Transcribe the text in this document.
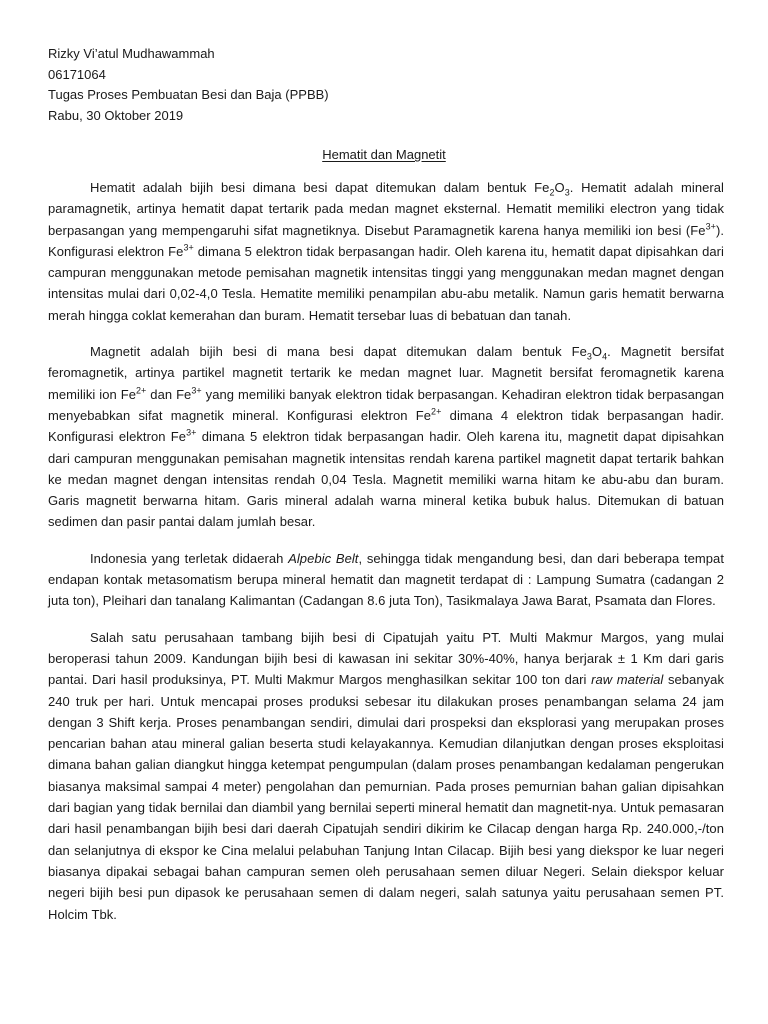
Rizky Vi’atul Mudhawammah
06171064
Tugas Proses Pembuatan Besi dan Baja (PPBB)
Rabu, 30 Oktober 2019
Hematit dan Magnetit

Hematit adalah bijih besi dimana besi dapat ditemukan dalam bentuk $Fe_2O_3$. Hematit adalah mineral paramagnetik, artinya hematit dapat tertarik pada medan magnet eksternal. Hematit memiliki electron yang tidak berpasangan yang mempengaruhi sifat magnetiknya. Disebut Paramagnetik karena hanya memiliki ion besi $(Fe^{3+})$. Konfigurasi elektron $Fe^{3+}$ dimana 5 elektron tidak berpasangan hadir. Oleh karena itu, hematit dapat dipisahkan dari campuran menggunakan metode pemisahan magnetik intensitas tinggi yang menggunakan medan magnet dengan intensitas mulai dari 0,02-4,0 Tesla. Hematite memiliki penampilan abu-abu metalik. Namun garis hematit berwarna merah hingga coklat kemerahan dan buram. Hematit tersebar luas di bebatuan dan tanah.

Magnetit adalah bijih besi di mana besi dapat ditemukan dalam bentuk $Fe_3O_4$. Magnetit bersifat feromagnetik, artinya partikel magnetit tertarik ke medan magnet luar. Magnetit bersifat feromagnetik karena memiliki ion $Fe^{2+}$ dan $Fe^{3+}$ yang memiliki banyak elektron tidak berpasangan. Kehadiran elektron tidak berpasangan menyebabkan sifat magnetik mineral. Konfigurasi elektron $Fe^{2+}$ dimana 4 elektron tidak berpasangan hadir. Konfigurasi elektron $Fe^{3+}$ dimana 5 elektron tidak berpasangan hadir. Oleh karena itu, magnetit dapat dipisahkan dari campuran menggunakan pemisahan magnetik intensitas rendah karena partikel magnetit dapat tertarik bahkan ke medan magnet dengan intensitas rendah 0,04 Tesla. Magnetit memiliki warna hitam ke abu-abu dan buram. Garis magnetit berwarna hitam. Garis mineral adalah warna mineral ketika bubuk halus. Ditemukan di batuan sedimen dan pasir pantai dalam jumlah besar.

Indonesia yang terletak didaerah Alpebic Belt, sehingga tidak mengandung besi, dan dari beberapa tempat endapan kontak metasomatism berupa mineral hematit dan magnetit terdapat di : Lampung Sumatra (cadangan 2 juta ton), Pleihari dan tanalang Kalimantan (Cadangan 8.6 juta Ton), Tasikmalaya Jawa Barat, Psamata dan Flores.

Salah satu perusahaan tambang bijih besi di Cipatujah yaitu PT. Multi Makmur Margos, yang mulai beroperasi tahun 2009. Kandungan bijih besi di kawasan ini sekitar 30%-40%, hanya berjarak ± 1 Km dari garis pantai. Dari hasil produksinya, PT. Multi Makmur Margos menghasilkan sekitar 100 ton dari raw material sebanyak 240 truk per hari. Untuk mencapai proses produksi sebesar itu dilakukan proses penambangan selama 24 jam dengan 3 Shift kerja. Proses penambangan sendiri, dimulai dari prospeksi dan eksplorasi yang merupakan proses pencarian bahan atau mineral galian beserta studi kelayakannya. Kemudian dilanjutkan dengan proses eksploitasi dimana bahan galian diangkut hingga ketempat pengumpulan (dalam proses penambangan kedalaman pengerukan biasanya maksimal sampai 4 meter) pengolahan dan pemurnian. Pada proses pemurnian bahan galian dipisahkan dari bagian yang tidak bernilai dan diambil yang bernilai seperti mineral hematit dan magnetit-nya. Untuk pemasaran dari hasil penambangan bijih besi dari daerah Cipatujah sendiri dikirim ke Cilacap dengan harga Rp. 240.000,-/ton dan selanjutnya di ekspor ke Cina melalui pelabuhan Tanjung Intan Cilacap. Bijih besi yang diekspor ke luar negeri biasanya dipakai sebagai bahan campuran semen oleh perusahaan semen diluar Negeri. Selain diekspor keluar negeri bijih besi pun dipasok ke perusahaan semen di dalam negeri, salah satunya yaitu perusahaan semen PT. Holcim Tbk.
